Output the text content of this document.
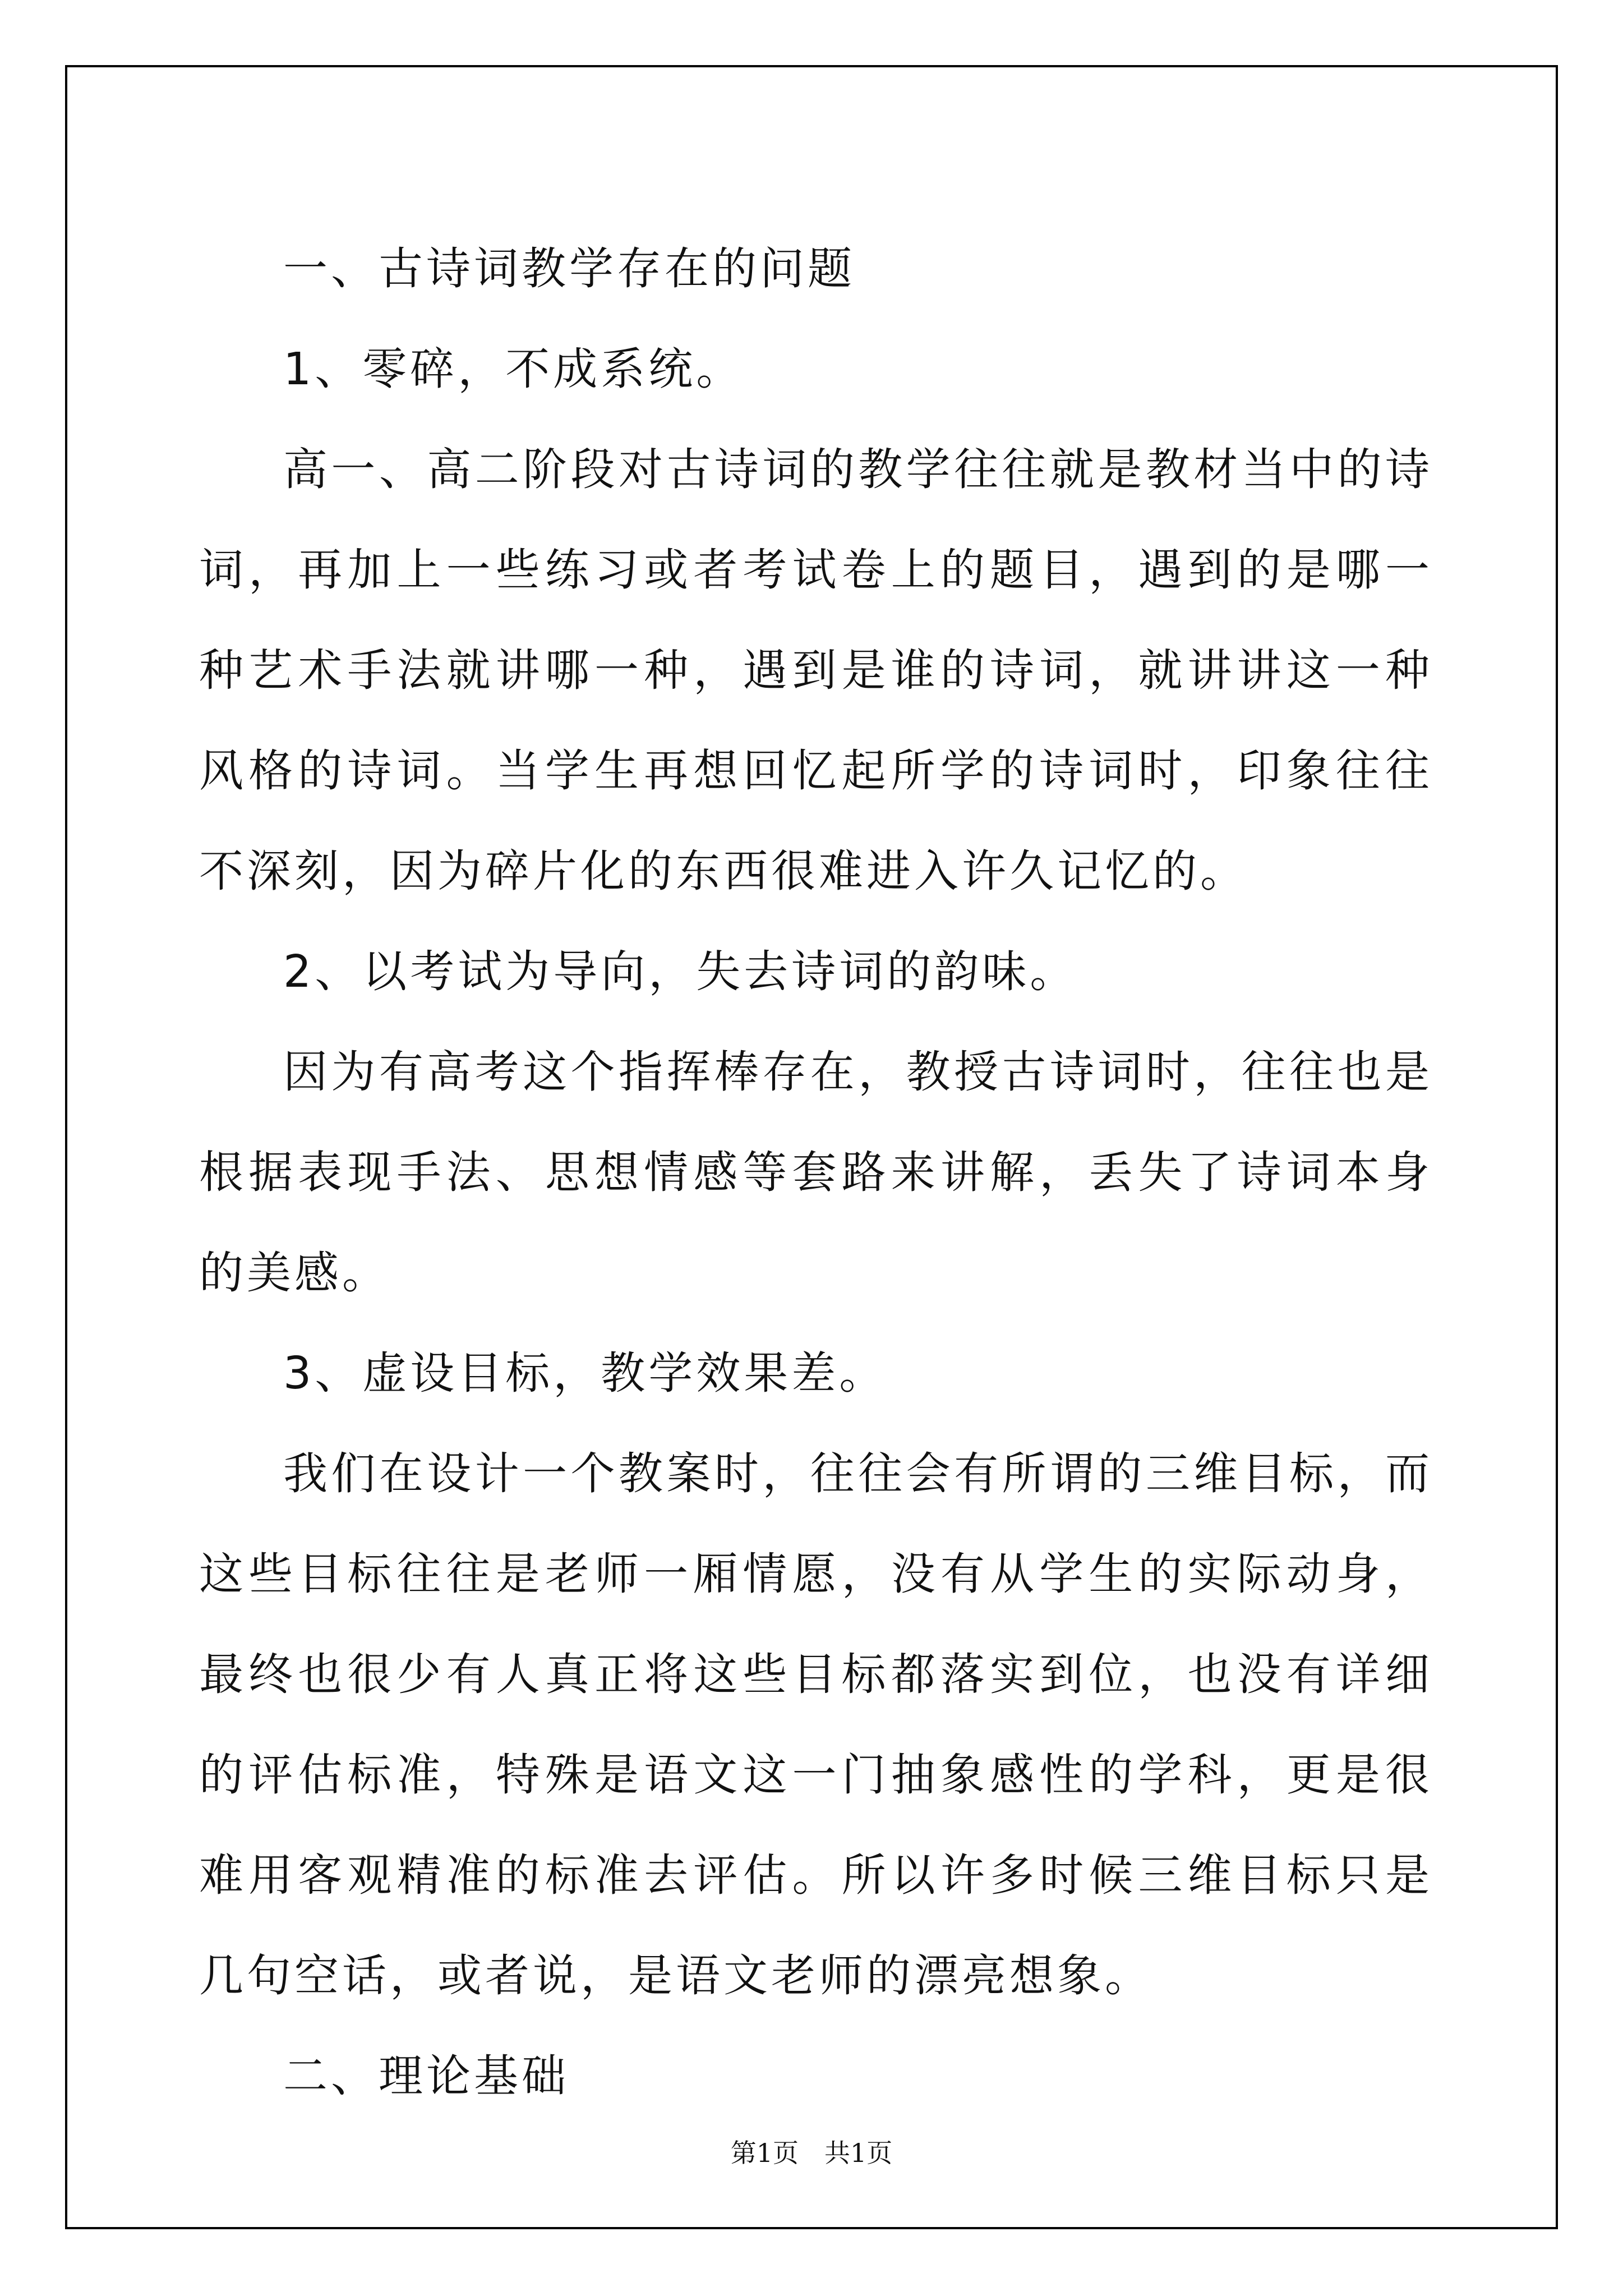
一、古诗词教学存在的问题

1、零碎，不成系统。

高一、高二阶段对古诗词的教学往往就是教材当中的诗词，再加上一些练习或者考试卷上的题目，遇到的是哪一种艺术手法就讲哪一种，遇到是谁的诗词，就讲讲这一种风格的诗词。当学生再想回忆起所学的诗词时，印象往往不深刻，因为碎片化的东西很难进入许久记忆的。

2、以考试为导向，失去诗词的韵味。

因为有高考这个指挥棒存在，教授古诗词时，往往也是根据表现手法、思想情感等套路来讲解，丢失了诗词本身的美感。

3、虚设目标，教学效果差。

我们在设计一个教案时，往往会有所谓的三维目标，而这些目标往往是老师一厢情愿，没有从学生的实际动身，最终也很少有人真正将这些目标都落实到位，也没有详细的评估标准，特殊是语文这一门抽象感性的学科，更是很难用客观精准的标准去评估。所以许多时候三维目标只是几句空话，或者说，是语文老师的漂亮想象。

二、理论基础

第1页　共1页
